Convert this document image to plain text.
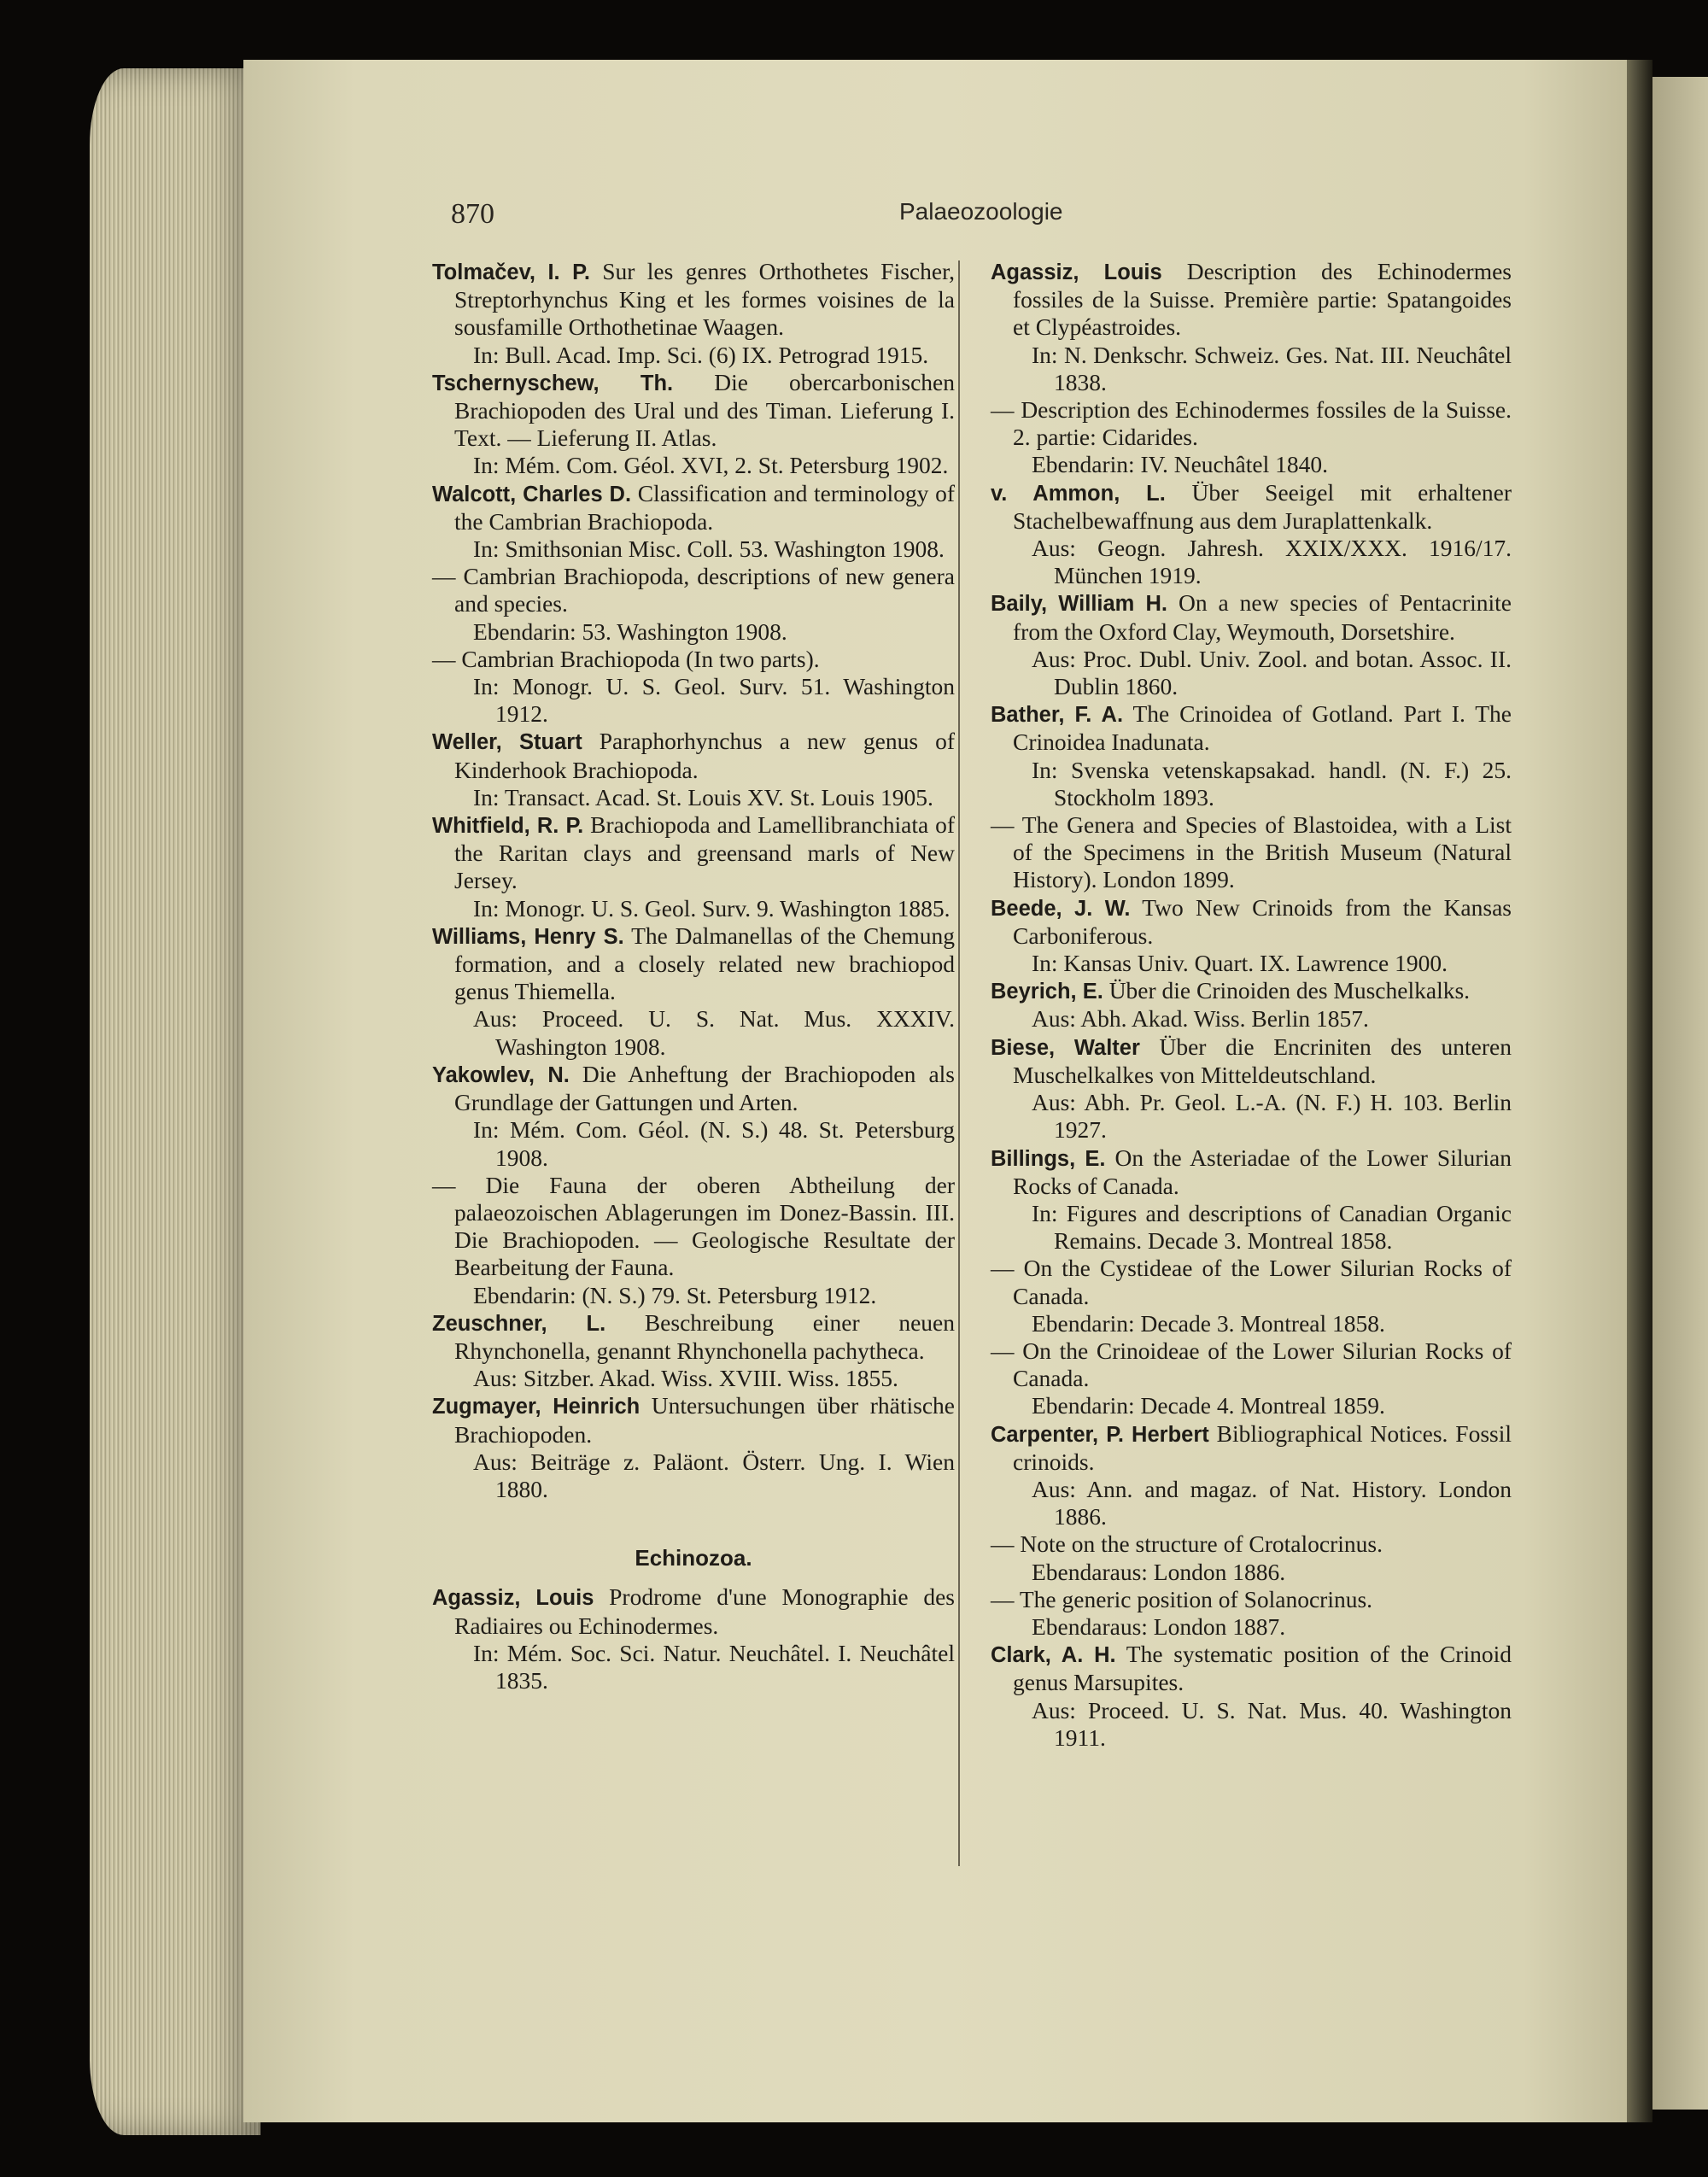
870	Palaeozoologie

Tolmačev, I. P. Sur les genres Orthothetes Fischer, Streptorhynchus King et les formes voisines de la sousfamille Orthothetinae Waagen.
In: Bull. Acad. Imp. Sci. (6) IX. Petrograd 1915.

Tschernyschew, Th. Die obercarbonischen Brachiopoden des Ural und des Timan. Lieferung I. Text. — Lieferung II. Atlas.
In: Mém. Com. Géol. XVI, 2. St. Petersburg 1902.

Walcott, Charles D. Classification and terminology of the Cambrian Brachiopoda.
In: Smithsonian Misc. Coll. 53. Washington 1908.

— Cambrian Brachiopoda, descriptions of new genera and species.
Ebendarin: 53. Washington 1908.

— Cambrian Brachiopoda (In two parts).
In: Monogr. U. S. Geol. Surv. 51. Washington 1912.

Weller, Stuart Paraphorhynchus a new genus of Kinderhook Brachiopoda.
In: Transact. Acad. St. Louis XV. St. Louis 1905.

Whitfield, R. P. Brachiopoda and Lamellibranchiata of the Raritan clays and greensand marls of New Jersey.
In: Monogr. U. S. Geol. Surv. 9. Washington 1885.

Williams, Henry S. The Dalmanellas of the Chemung formation, and a closely related new brachiopod genus Thiemella.
Aus: Proceed. U. S. Nat. Mus. XXXIV. Washington 1908.

Yakowlev, N. Die Anheftung der Brachiopoden als Grundlage der Gattungen und Arten.
In: Mém. Com. Géol. (N. S.) 48. St. Petersburg 1908.

— Die Fauna der oberen Abtheilung der palaeozoischen Ablagerungen im Donez-Bassin. III. Die Brachiopoden. — Geologische Resultate der Bearbeitung der Fauna.
Ebendarin: (N. S.) 79. St. Petersburg 1912.

Zeuschner, L. Beschreibung einer neuen Rhynchonella, genannt Rhynchonella pachytheca.
Aus: Sitzber. Akad. Wiss. XVIII. Wiss. 1855.

Zugmayer, Heinrich Untersuchungen über rhätische Brachiopoden.
Aus: Beiträge z. Paläont. Österr. Ung. I. Wien 1880.

Echinozoa.

Agassiz, Louis Prodrome d'une Monographie des Radiaires ou Echinodermes.
In: Mém. Soc. Sci. Natur. Neuchâtel. I. Neuchâtel 1835.

Agassiz, Louis Description des Echinodermes fossiles de la Suisse. Première partie: Spatangoides et Clypéastroides.
In: N. Denkschr. Schweiz. Ges. Nat. III. Neuchâtel 1838.

— Description des Echinodermes fossiles de la Suisse. 2. partie: Cidarides.
Ebendarin: IV. Neuchâtel 1840.

v. Ammon, L. Über Seeigel mit erhaltener Stachelbewaffnung aus dem Juraplattenkalk.
Aus: Geogn. Jahresh. XXIX/XXX. 1916/17. München 1919.

Baily, William H. On a new species of Pentacrinite from the Oxford Clay, Weymouth, Dorsetshire.
Aus: Proc. Dubl. Univ. Zool. and botan. Assoc. II. Dublin 1860.

Bather, F. A. The Crinoidea of Gotland. Part I. The Crinoidea Inadunata.
In: Svenska vetenskapsakad. handl. (N. F.) 25. Stockholm 1893.

— The Genera and Species of Blastoidea, with a List of the Specimens in the British Museum (Natural History). London 1899.

Beede, J. W. Two New Crinoids from the Kansas Carboniferous.
In: Kansas Univ. Quart. IX. Lawrence 1900.

Beyrich, E. Über die Crinoiden des Muschelkalks.
Aus: Abh. Akad. Wiss. Berlin 1857.

Biese, Walter Über die Encriniten des unteren Muschelkalkes von Mitteldeutschland.
Aus: Abh. Pr. Geol. L.-A. (N. F.) H. 103. Berlin 1927.

Billings, E. On the Asteriadae of the Lower Silurian Rocks of Canada.
In: Figures and descriptions of Canadian Organic Remains. Decade 3. Montreal 1858.

— On the Cystideae of the Lower Silurian Rocks of Canada.
Ebendarin: Decade 3. Montreal 1858.

— On the Crinoideae of the Lower Silurian Rocks of Canada.
Ebendarin: Decade 4. Montreal 1859.

Carpenter, P. Herbert Bibliographical Notices. Fossil crinoids.
Aus: Ann. and magaz. of Nat. History. London 1886.

— Note on the structure of Crotalocrinus.
Ebendaraus: London 1886.

— The generic position of Solanocrinus.
Ebendaraus: London 1887.

Clark, A. H. The systematic position of the Crinoid genus Marsupites.
Aus: Proceed. U. S. Nat. Mus. 40. Washington 1911.
